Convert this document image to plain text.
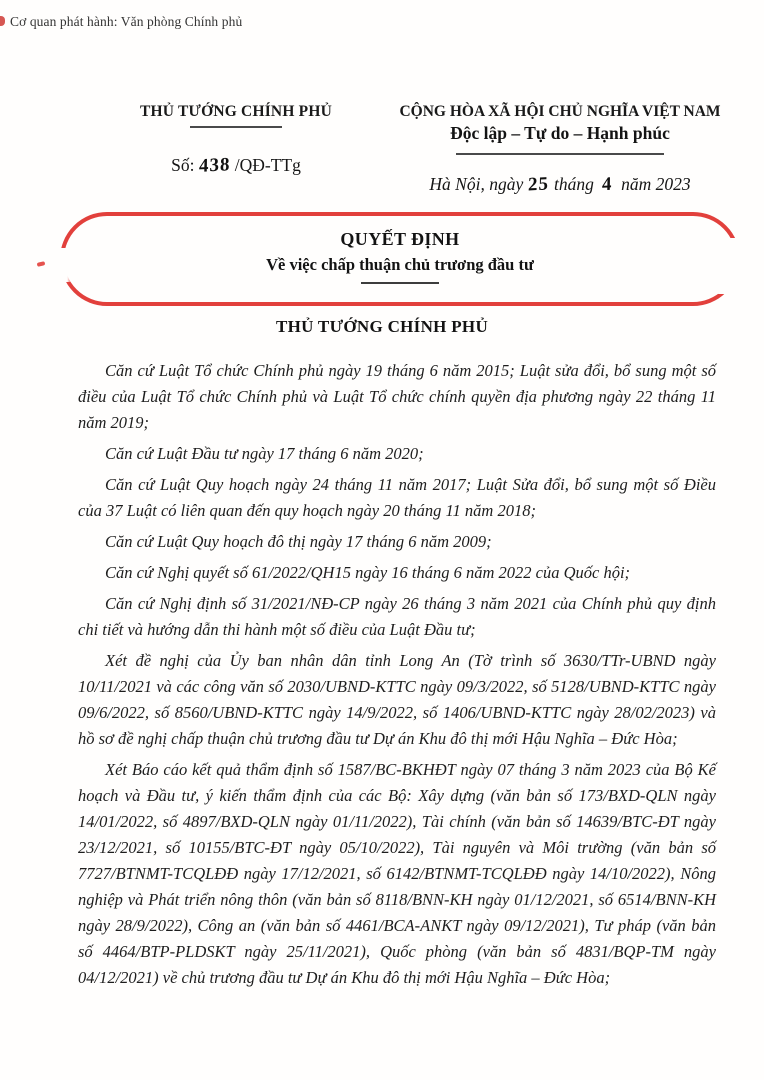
Cơ quan phát hành: Văn phòng Chính phủ
THỦ TƯỚNG CHÍNH PHỦ
Số: 438 /QĐ-TTg
CỘNG HÒA XÃ HỘI CHỦ NGHĨA VIỆT NAM
Độc lập – Tự do – Hạnh phúc
Hà Nội, ngày 25 tháng 4 năm 2023
QUYẾT ĐỊNH
Về việc chấp thuận chủ trương đầu tư
THỦ TƯỚNG CHÍNH PHỦ

Căn cứ Luật Tổ chức Chính phủ ngày 19 tháng 6 năm 2015; Luật sửa đổi, bổ sung một số điều của Luật Tổ chức Chính phủ và Luật Tổ chức chính quyền địa phương ngày 22 tháng 11 năm 2019;

Căn cứ Luật Đầu tư ngày 17 tháng 6 năm 2020;

Căn cứ Luật Quy hoạch ngày 24 tháng 11 năm 2017; Luật Sửa đổi, bổ sung một số Điều của 37 Luật có liên quan đến quy hoạch ngày 20 tháng 11 năm 2018;

Căn cứ Luật Quy hoạch đô thị ngày 17 tháng 6 năm 2009;

Căn cứ Nghị quyết số 61/2022/QH15 ngày 16 tháng 6 năm 2022 của Quốc hội;

Căn cứ Nghị định số 31/2021/NĐ-CP ngày 26 tháng 3 năm 2021 của Chính phủ quy định chi tiết và hướng dẫn thi hành một số điều của Luật Đầu tư;

Xét đề nghị của Ủy ban nhân dân tỉnh Long An (Tờ trình số 3630/TTr-UBND ngày 10/11/2021 và các công văn số 2030/UBND-KTTC ngày 09/3/2022, số 5128/UBND-KTTC ngày 09/6/2022, số 8560/UBND-KTTC ngày 14/9/2022, số 1406/UBND-KTTC ngày 28/02/2023) và hồ sơ đề nghị chấp thuận chủ trương đầu tư Dự án Khu đô thị mới Hậu Nghĩa – Đức Hòa;

Xét Báo cáo kết quả thẩm định số 1587/BC-BKHĐT ngày 07 tháng 3 năm 2023 của Bộ Kế hoạch và Đầu tư, ý kiến thẩm định của các Bộ: Xây dựng (văn bản số 173/BXD-QLN ngày 14/01/2022, số 4897/BXD-QLN ngày 01/11/2022), Tài chính (văn bản số 14639/BTC-ĐT ngày 23/12/2021, số 10155/BTC-ĐT ngày 05/10/2022), Tài nguyên và Môi trường (văn bản số 7727/BTNMT-TCQLĐĐ ngày 17/12/2021, số 6142/BTNMT-TCQLĐĐ ngày 14/10/2022), Nông nghiệp và Phát triển nông thôn (văn bản số 8118/BNN-KH ngày 01/12/2021, số 6514/BNN-KH ngày 28/9/2022), Công an (văn bản số 4461/BCA-ANKT ngày 09/12/2021), Tư pháp (văn bản số 4464/BTP-PLDSKT ngày 25/11/2021), Quốc phòng (văn bản số 4831/BQP-TM ngày 04/12/2021) về chủ trương đầu tư Dự án Khu đô thị mới Hậu Nghĩa – Đức Hòa;
